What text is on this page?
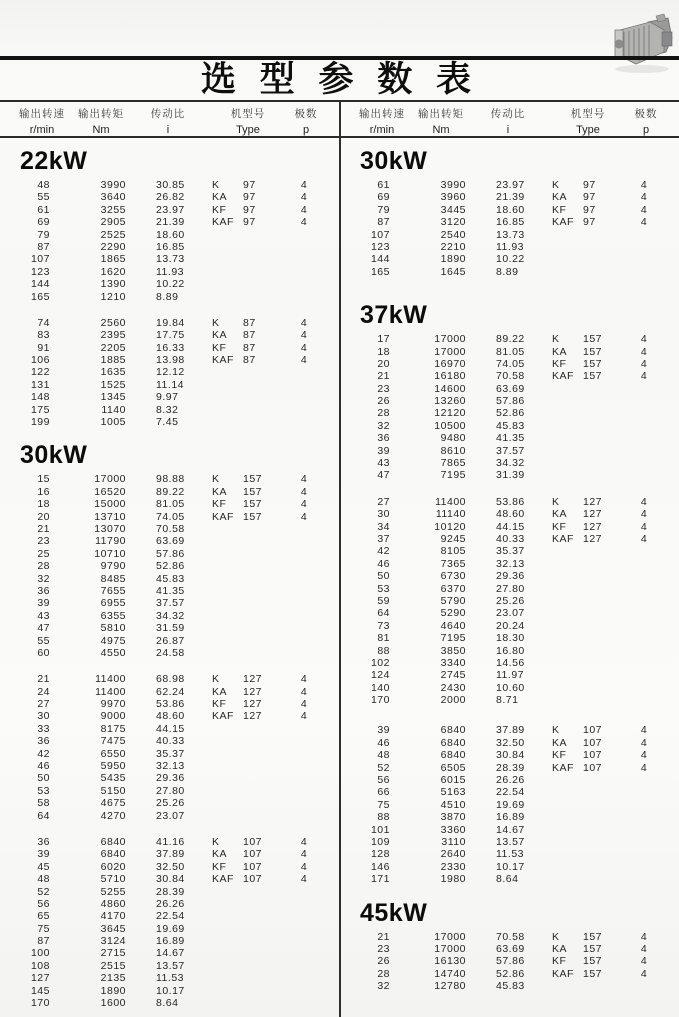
选 型 参 数 表
输出转速
r/min
输出转矩
Nm
传动比
i
机型号
Type
极数
p
输出转速
r/min
输出转矩
Nm
传动比
i
机型号
Type
极数
p
22kW
48	3990	30.85	K	97	4
55	3640	26.82	KA	97	4
61	3255	23.97	KF	97	4
69	2905	21.39	KAF 97	4
79	2525	18.60
87	2290	16.85
107	1865	13.73
123	1620	11.93
144	1390	10.22
165	1210	8.89
74	2560	19.84	K	87	4
83	2395	17.75	KA	87	4
91	2205	16.33	KF	87	4
106	1885	13.98	KAF 87	4
122	1635	12.12
131	1525	11.14
148	1345	9.97
175	1140	8.32
199	1005	7.45
30kW
15	17000	98.88	K	157	4
16	16520	89.22	KA	157	4
18	15000	81.05	KF	157	4
20	13710	74.05	KAF 157	4
21	13070	70.58
23	11790	63.69
25	10710	57.86
28	9790	52.86
32	8485	45.83
36	7655	41.35
39	6955	37.57
43	6355	34.32
47	5810	31.59
55	4975	26.87
60	4550	24.58
21	11400	68.98	K	127	4
24	11400	62.24	KA	127	4
27	9970	53.86	KF	127	4
30	9000	48.60	KAF 127	4
33	8175	44.15
36	7475	40.33
42	6550	35.37
46	5950	32.13
50	5435	29.36
53	5150	27.80
58	4675	25.26
64	4270	23.07
36	6840	41.16	K	107	4
39	6840	37.89	KA	107	4
45	6020	32.50	KF	107	4
48	5710	30.84	KAF 107	4
52	5255	28.39
56	4860	26.26
65	4170	22.54
75	3645	19.69
87	3124	16.89
100	2715	14.67
108	2515	13.57
127	2135	11.53
145	1890	10.17
170	1600	8.64
30kW
61	3990	23.97	K	97	4
69	3960	21.39	KA	97	4
79	3445	18.60	KF	97	4
87	3120	16.85	KAF 97	4
107	2540	13.73
123	2210	11.93
144	1890	10.22
165	1645	8.89
37kW
17	17000	89.22	K	157	4
18	17000	81.05	KA	157	4
20	16970	74.05	KF	157	4
21	16180	70.58	KAF 157	4
23	14600	63.69
26	13260	57.86
28	12120	52.86
32	10500	45.83
36	9480	41.35
39	8610	37.57
43	7865	34.32
47	7195	31.39
27	11400	53.86	K	127	4
30	11140	48.60	KA	127	4
34	10120	44.15	KF	127	4
37	9245	40.33	KAF 127	4
42	8105	35.37
46	7365	32.13
50	6730	29.36
53	6370	27.80
59	5790	25.26
64	5290	23.07
73	4640	20.24
81	7195	18.30
88	3850	16.80
102	3340	14.56
124	2745	11.97
140	2430	10.60
170	2000	8.71
39	6840	37.89	K	107	4
46	6840	32.50	KA	107	4
48	6840	30.84	KF	107	4
52	6505	28.39	KAF 107	4
56	6015	26.26
66	5163	22.54
75	4510	19.69
88	3870	16.89
101	3360	14.67
109	3110	13.57
128	2640	11.53
146	2330	10.17
171	1980	8.64
45kW
21	17000	70.58	K	157	4
23	17000	63.69	KA	157	4
26	16130	57.86	KF	157	4
28	14740	52.86	KAF 157	4
32	12780	45.83
